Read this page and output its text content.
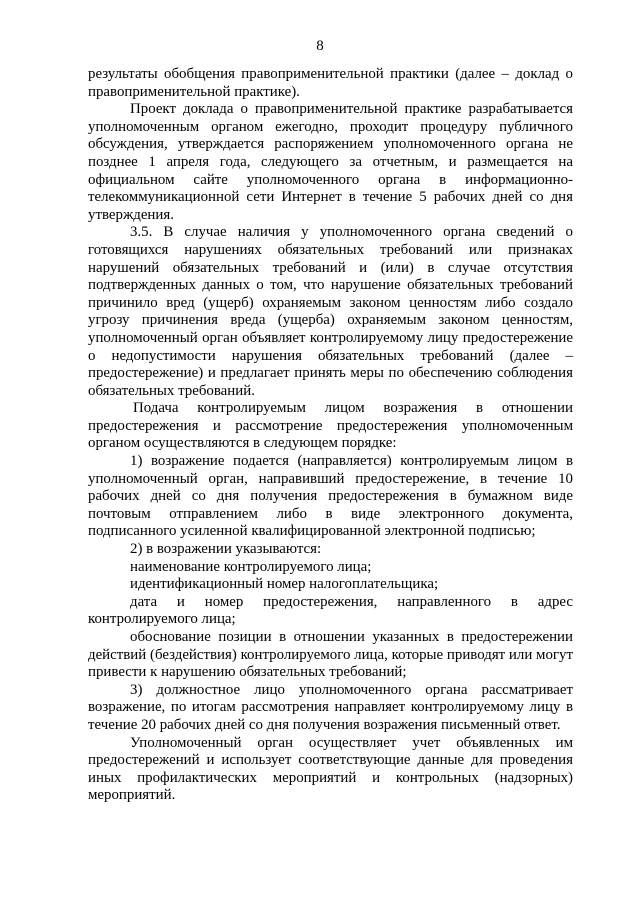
8

результаты обобщения правоприменительной практики (далее – доклад о правоприменительной практике).

Проект доклада о правоприменительной практике разрабатывается уполномоченным органом ежегодно, проходит процедуру публичного обсуждения, утверждается распоряжением уполномоченного органа не позднее 1 апреля года, следующего за отчетным, и размещается на официальном сайте уполномоченного органа в информационно-телекоммуникационной сети Интернет в течение 5 рабочих дней со дня утверждения.

3.5. В случае наличия у уполномоченного органа сведений о готовящихся нарушениях обязательных требований или признаках нарушений обязательных требований и (или) в случае отсутствия подтвержденных данных о том, что нарушение обязательных требований причинило вред (ущерб) охраняемым законом ценностям либо создало угрозу причинения вреда (ущерба) охраняемым законом ценностям, уполномоченный орган объявляет контролируемому лицу предостережение о недопустимости нарушения обязательных требований (далее – предостережение) и предлагает принять меры по обеспечению соблюдения обязательных требований.

Подача контролируемым лицом возражения в отношении предостережения и рассмотрение предостережения уполномоченным органом осуществляются в следующем порядке:

1) возражение подается (направляется) контролируемым лицом в уполномоченный орган, направивший предостережение, в течение 10 рабочих дней со дня получения предостережения в бумажном виде почтовым отправлением либо в виде электронного документа, подписанного усиленной квалифицированной электронной подписью;

2) в возражении указываются:

наименование контролируемого лица;

идентификационный номер налогоплательщика;

дата и номер предостережения, направленного в адрес контролируемого лица;

обоснование позиции в отношении указанных в предостережении действий (бездействия) контролируемого лица, которые приводят или могут привести к нарушению обязательных требований;

3) должностное лицо уполномоченного органа рассматривает возражение, по итогам рассмотрения направляет контролируемому лицу в течение 20 рабочих дней со дня получения возражения письменный ответ.

Уполномоченный орган осуществляет учет объявленных им предостережений и использует соответствующие данные для проведения иных профилактических мероприятий и контрольных (надзорных) мероприятий.
